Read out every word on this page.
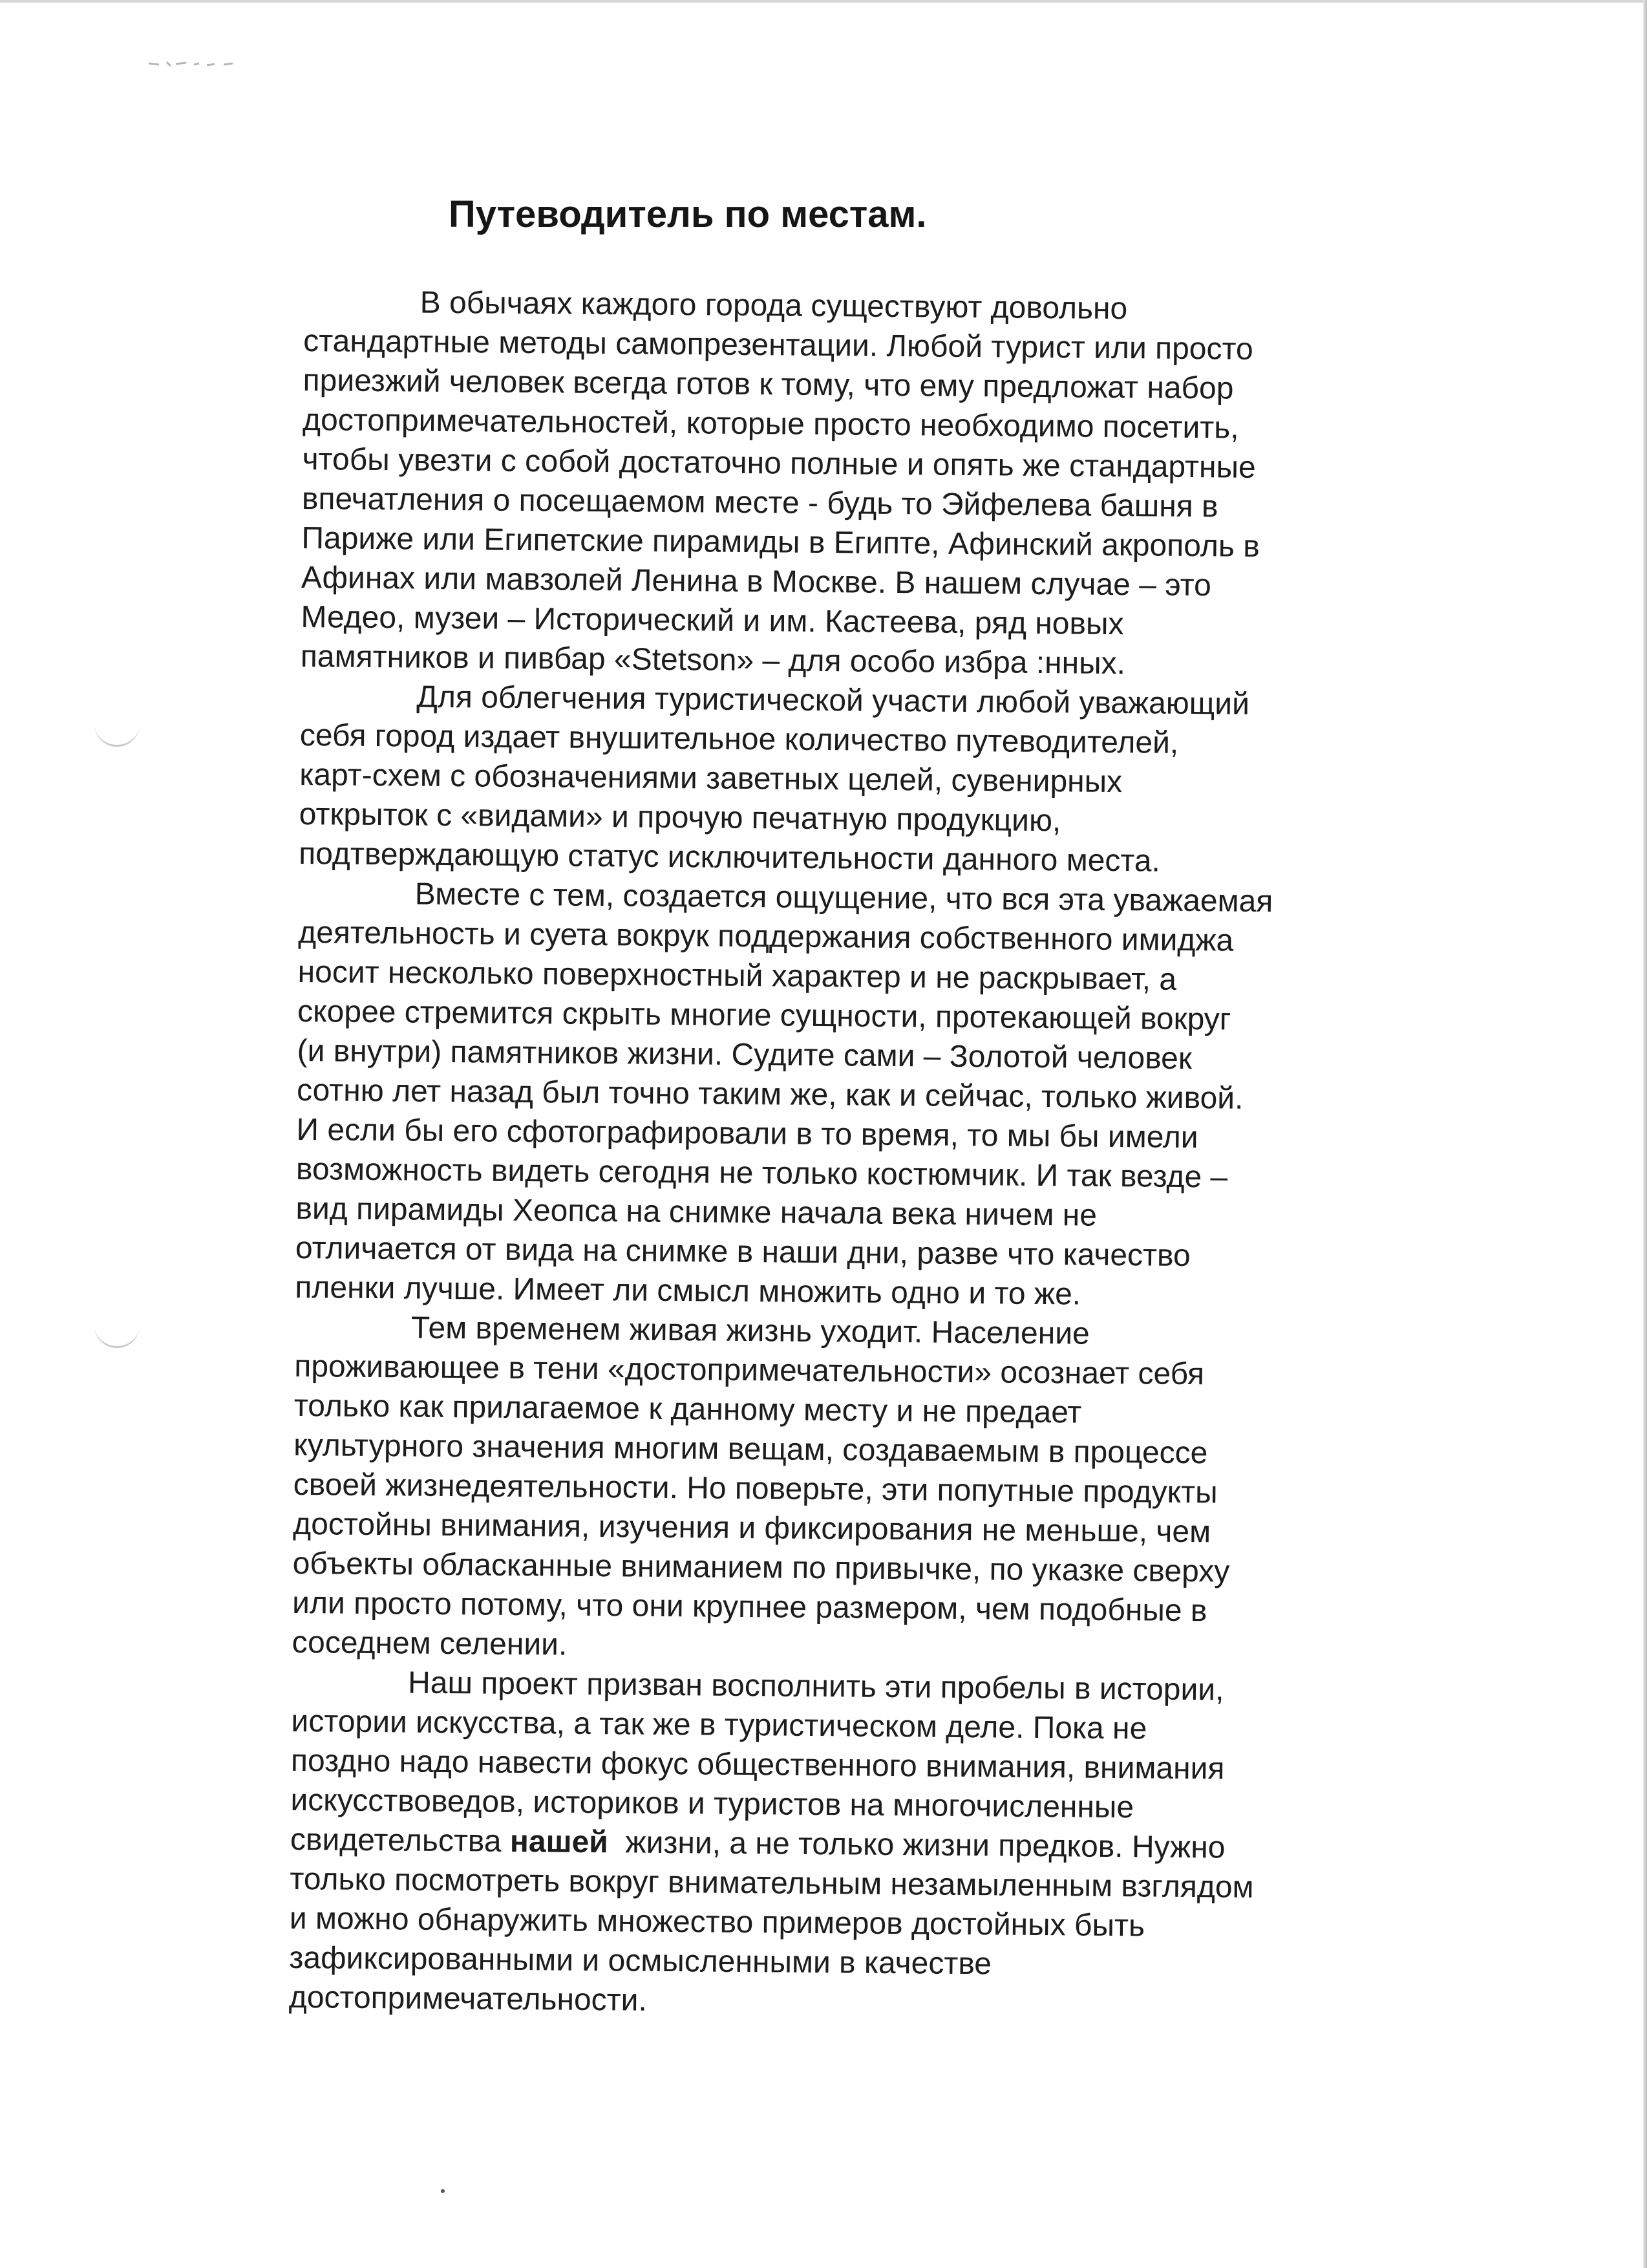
Путеводитель по местам.
В обычаях каждого города существуют довольно
стандартные методы самопрезентации. Любой турист или просто
приезжий человек всегда готов к тому, что ему предложат набор
достопримечательностей, которые просто необходимо посетить,
чтобы увезти с собой достаточно полные и опять же стандартные
впечатления о посещаемом месте - будь то Эйфелева башня в
Париже или Египетские пирамиды в Египте, Афинский акрополь в
Афинах или мавзолей Ленина в Москве. В нашем случае – это
Медео, музеи – Исторический и им. Кастеева, ряд новых
памятников и пивбар «Stetson» – для особо избра :нных.
Для облегчения туристической участи любой уважающий
себя город издает внушительное количество путеводителей,
карт-схем с обозначениями заветных целей, сувенирных
открыток с «видами» и прочую печатную продукцию,
подтверждающую статус исключительности данного места.
Вместе с тем, создается ощущение, что вся эта уважаемая
деятельность и суета вокрук поддержания собственного имиджа
носит несколько поверхностный характер и не раскрывает, а
скорее стремится скрыть многие сущности, протекающей вокруг
(и внутри) памятников жизни. Судите сами – Золотой человек
сотню лет назад был точно таким же, как и сейчас, только живой.
И если бы его сфотографировали в то время, то мы бы имели
возможность видеть сегодня не только костюмчик. И так везде –
вид пирамиды Хеопса на снимке начала века ничем не
отличается от вида на снимке в наши дни, разве что качество
пленки лучше. Имеет ли смысл множить одно и то же.
Тем временем живая жизнь уходит. Население
проживающее в тени «достопримечательности» осознает себя
только как прилагаемое к данному месту и не предает
культурного значения многим вещам, создаваемым в процессе
своей жизнедеятельности. Но поверьте, эти попутные продукты
достойны внимания, изучения и фиксирования не меньше, чем
объекты обласканные вниманием по привычке, по указке сверху
или просто потому, что они крупнее размером, чем подобные в
соседнем селении.
Наш проект призван восполнить эти пробелы в истории,
истории искусства, а так же в туристическом деле. Пока не
поздно надо навести фокус общественного внимания, внимания
искусствоведов, историков и туристов на многочисленные
свидетельства нашей  жизни, а не только жизни предков. Нужно
только посмотреть вокруг внимательным незамыленным взглядом
и можно обнаружить множество примеров достойных быть
зафиксированными и осмысленными в качестве
достопримечательности.
